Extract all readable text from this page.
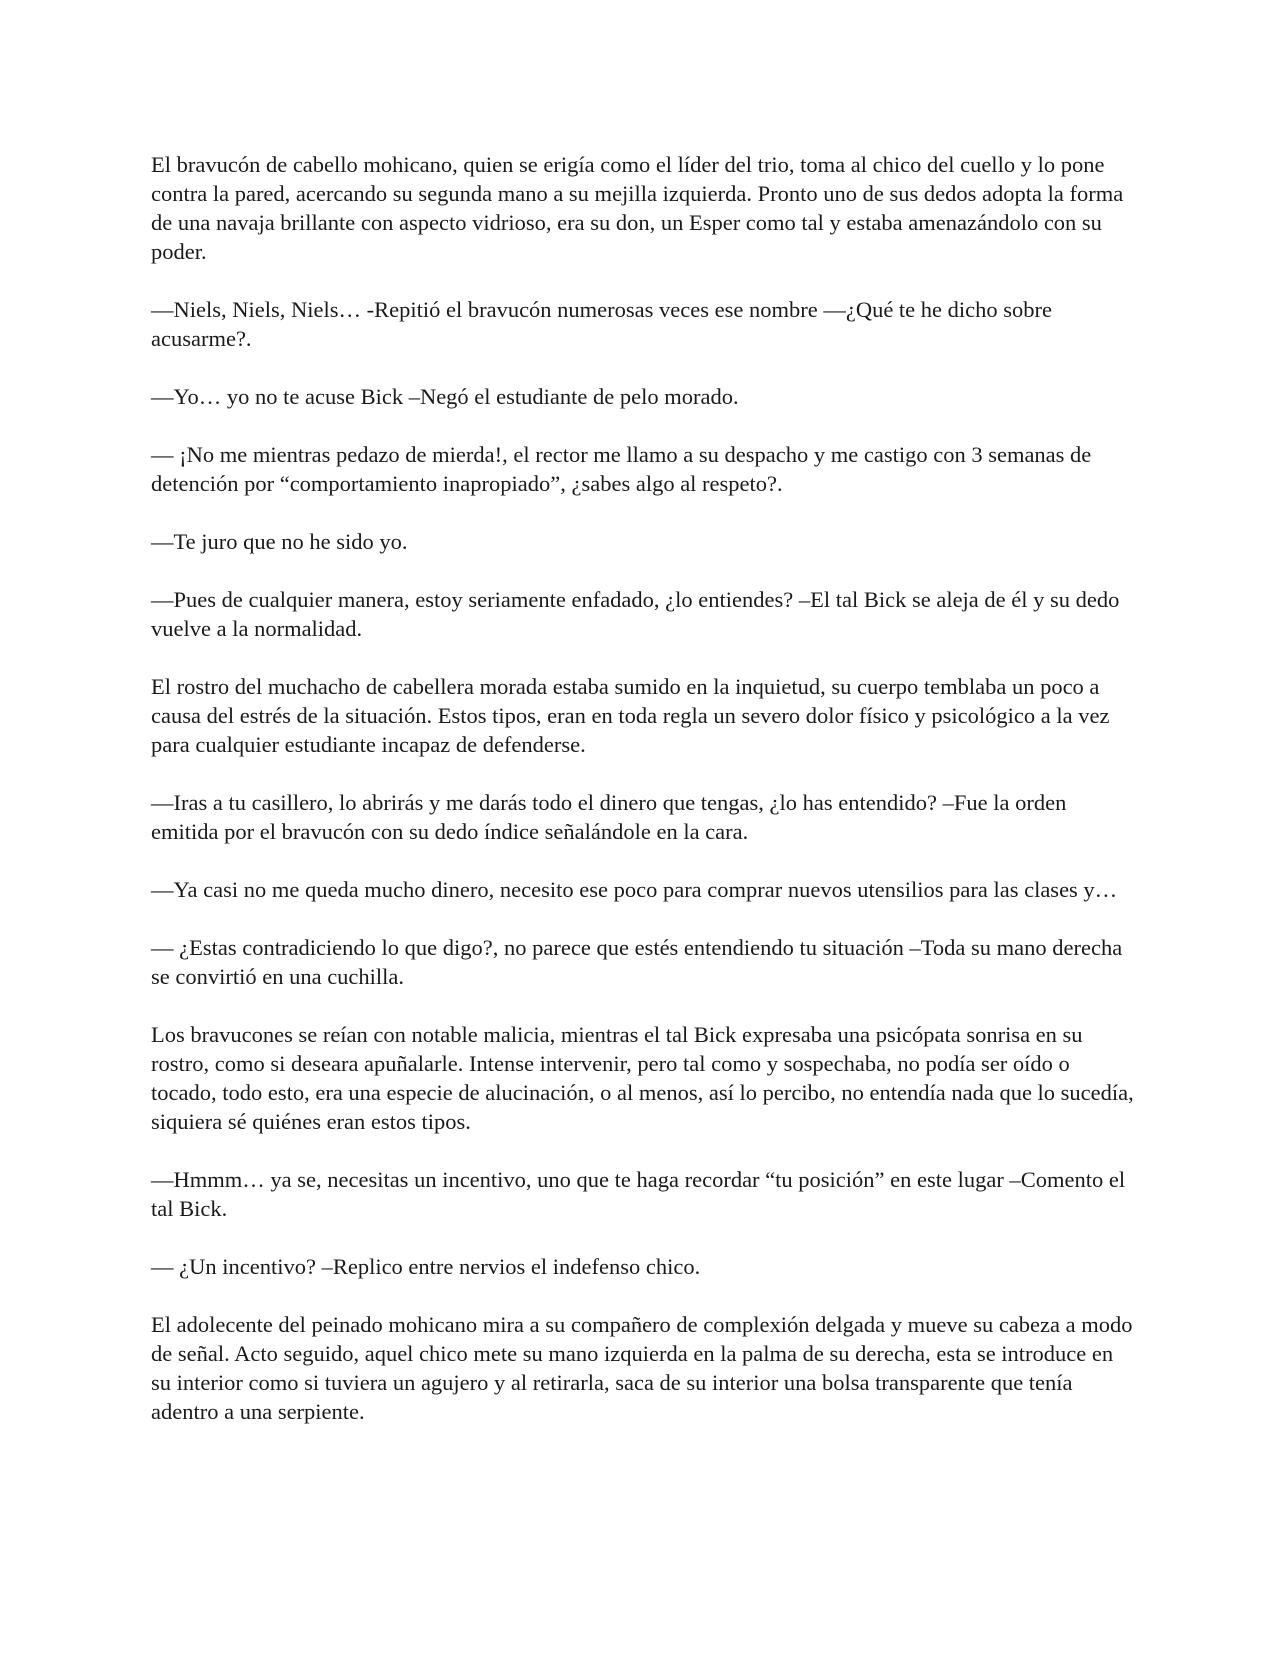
El bravucón de cabello mohicano, quien se erigía como el líder del trio, toma al chico del cuello y lo pone contra la pared, acercando su segunda mano a su mejilla izquierda. Pronto uno de sus dedos adopta la forma de una navaja brillante con aspecto vidrioso, era su don, un Esper como tal y estaba amenazándolo con su poder.

—Niels, Niels, Niels… -Repitió el bravucón numerosas veces ese nombre —¿Qué te he dicho sobre acusarme?.

—Yo… yo no te acuse Bick –Negó el estudiante de pelo morado.

— ¡No me mientras pedazo de mierda!, el rector me llamo a su despacho y me castigo con 3 semanas de detención por “comportamiento inapropiado”, ¿sabes algo al respeto?.

—Te juro que no he sido yo.

—Pues de cualquier manera, estoy seriamente enfadado, ¿lo entiendes? –El tal Bick se aleja de él y su dedo vuelve a la normalidad.

El rostro del muchacho de cabellera morada estaba sumido en la inquietud, su cuerpo temblaba un poco a causa del estrés de la situación. Estos tipos, eran en toda regla un severo dolor físico y psicológico a la vez para cualquier estudiante incapaz de defenderse.

—Iras a tu casillero, lo abrirás y me darás todo el dinero que tengas, ¿lo has entendido? –Fue la orden emitida por el bravucón con su dedo índice señalándole en la cara.

—Ya casi no me queda mucho dinero, necesito ese poco para comprar nuevos utensilios para las clases y…

— ¿Estas contradiciendo lo que digo?, no parece que estés entendiendo tu situación –Toda su mano derecha se convirtió en una cuchilla.

Los bravucones se reían con notable malicia, mientras el tal Bick expresaba una psicópata sonrisa en su rostro, como si deseara apuñalarle. Intense intervenir, pero tal como y sospechaba, no podía ser oído o tocado, todo esto, era una especie de alucinación, o al menos, así lo percibo, no entendía nada que lo sucedía, siquiera sé quiénes eran estos tipos.

—Hmmm… ya se, necesitas un incentivo, uno que te haga recordar “tu posición” en este lugar –Comento el tal Bick.

— ¿Un incentivo? –Replico entre nervios el indefenso chico.

El adolecente del peinado mohicano mira a su compañero de complexión delgada y mueve su cabeza a modo de señal. Acto seguido, aquel chico mete su mano izquierda en la palma de su derecha, esta se introduce en su interior como si tuviera un agujero y al retirarla, saca de su interior una bolsa transparente que tenía adentro a una serpiente.
